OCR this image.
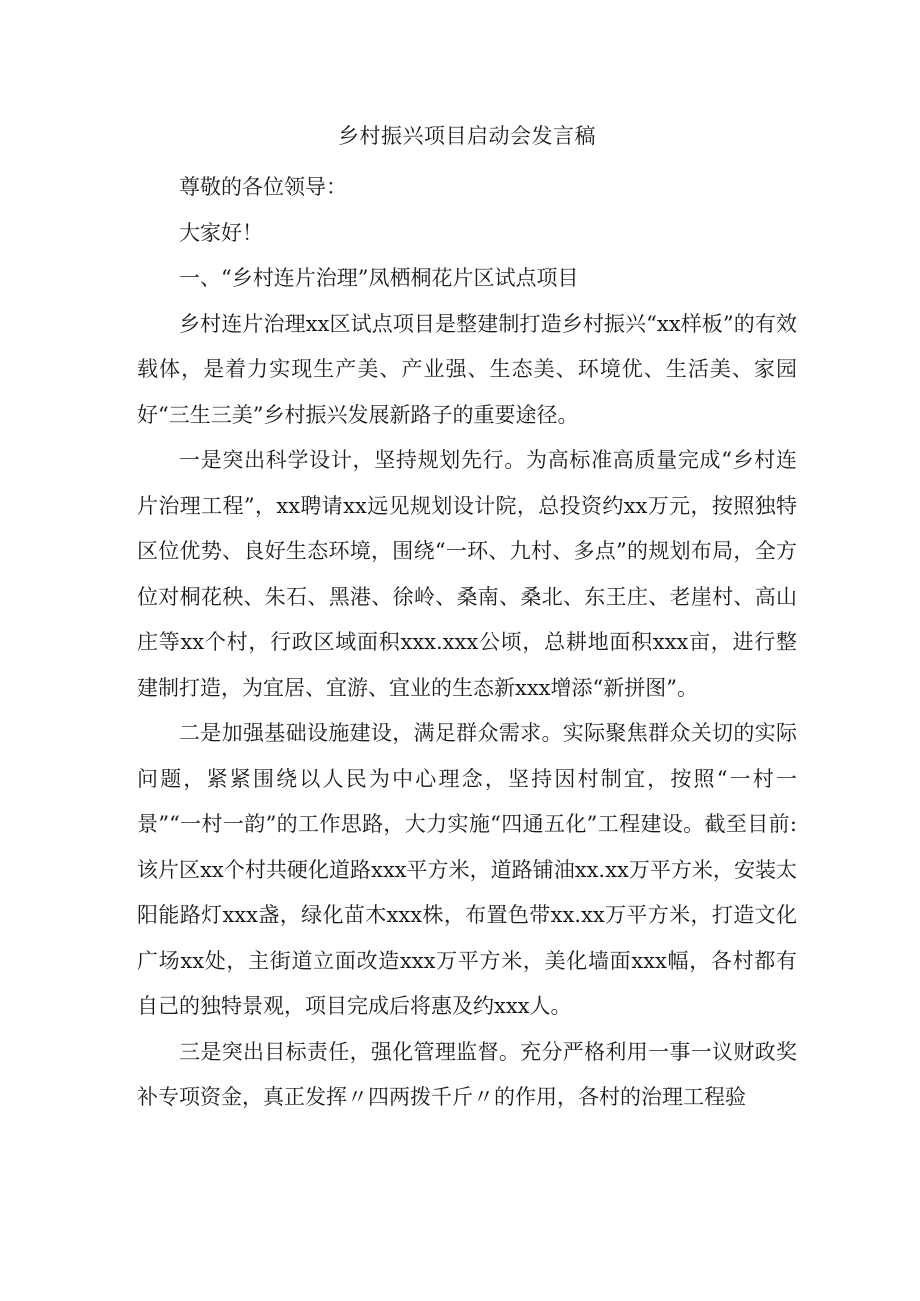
乡村振兴项目启动会发言稿

尊敬的各位领导：

大家好！

一、“乡村连片治理”凤栖桐花片区试点项目

乡村连片治理xx区试点项目是整建制打造乡村振兴“xx样板”的有效载体，是着力实现生产美、产业强、生态美、环境优、生活美、家园好“三生三美”乡村振兴发展新路子的重要途径。

一是突出科学设计，坚持规划先行。为高标准高质量完成“乡村连片治理工程”，xx聘请xx远见规划设计院，总投资约xx万元，按照独特区位优势、良好生态环境，围绕“一环、九村、多点”的规划布局，全方位对桐花秧、朱石、黑港、徐岭、桑南、桑北、东王庄、老崖村、高山庄等xx个村，行政区域面积xxx.xxx公顷，总耕地面积xxx亩，进行整建制打造，为宜居、宜游、宜业的生态新xxx增添“新拼图”。

二是加强基础设施建设，满足群众需求。实际聚焦群众关切的实际问题，紧紧围绕以人民为中心理念，坚持因村制宜，按照“一村一景”“一村一韵”的工作思路，大力实施“四通五化”工程建设。截至目前:该片区xx个村共硬化道路xxx平方米，道路铺油xx.xx万平方米，安装太阳能路灯xxx盏，绿化苗木xxx株，布置色带xx.xx万平方米，打造文化广场xx处，主街道立面改造xxx万平方米，美化墙面xxx幅，各村都有自己的独特景观，项目完成后将惠及约xxx人。

三是突出目标责任，强化管理监督。充分严格利用一事一议财政奖补专项资金，真正发挥〃四两拨千斤〃的作用，各村的治理工程验
